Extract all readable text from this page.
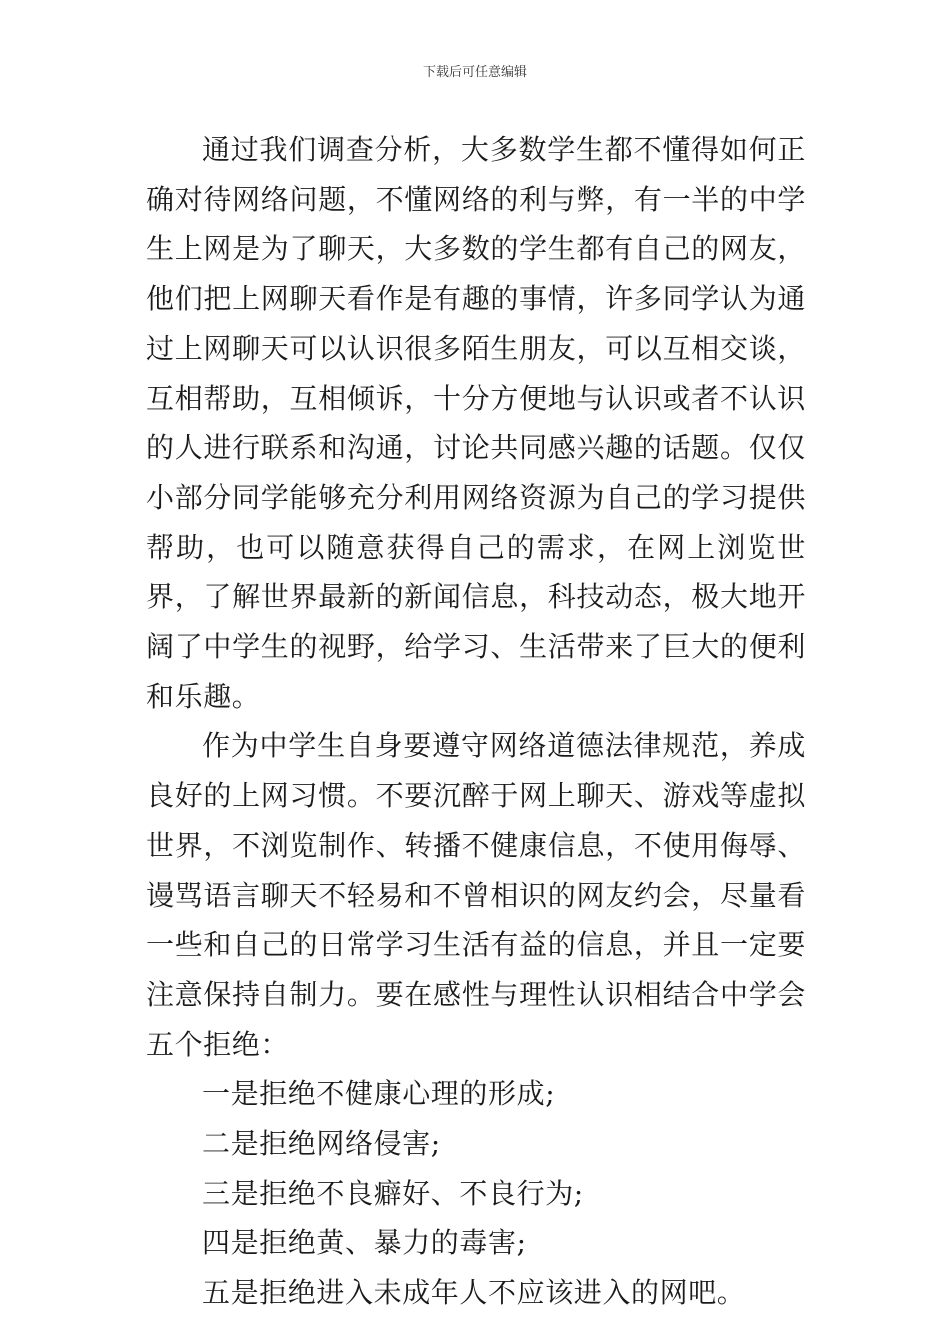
下载后可任意编辑

通过我们调查分析，大多数学生都不懂得如何正确对待网络问题，不懂网络的利与弊，有一半的中学生上网是为了聊天，大多数的学生都有自己的网友，他们把上网聊天看作是有趣的事情，许多同学认为通过上网聊天可以认识很多陌生朋友，可以互相交谈，互相帮助，互相倾诉，十分方便地与认识或者不认识的人进行联系和沟通，讨论共同感兴趣的话题。仅仅小部分同学能够充分利用网络资源为自己的学习提供帮助，也可以随意获得自己的需求，在网上浏览世界，了解世界最新的新闻信息，科技动态，极大地开阔了中学生的视野，给学习、生活带来了巨大的便利和乐趣。

作为中学生自身要遵守网络道德法律规范，养成良好的上网习惯。不要沉醉于网上聊天、游戏等虚拟世界，不浏览制作、转播不健康信息，不使用侮辱、谩骂语言聊天不轻易和不曾相识的网友约会，尽量看一些和自己的日常学习生活有益的信息，并且一定要注意保持自制力。要在感性与理性认识相结合中学会五个拒绝：

一是拒绝不健康心理的形成;

二是拒绝网络侵害;

三是拒绝不良癖好、不良行为;

四是拒绝黄、暴力的毒害;

五是拒绝进入未成年人不应该进入的网吧。
